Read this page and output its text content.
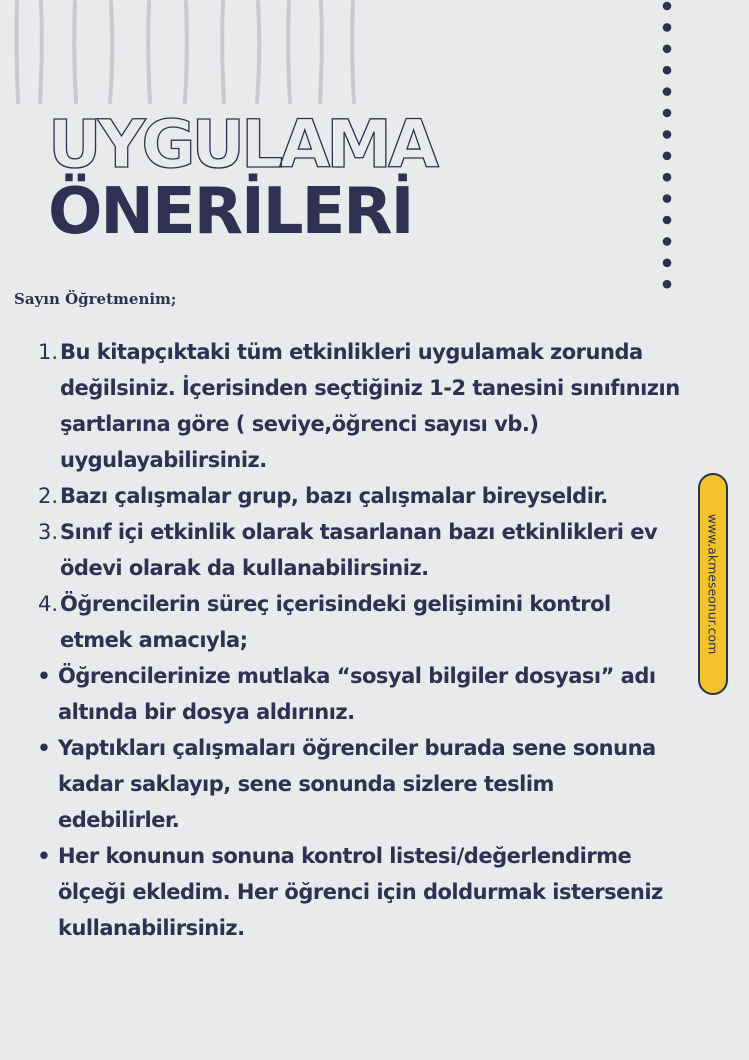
UYGULAMA
ÖNERİLERİ
Sayın Öğretmenim;
1. Bu kitapçıktaki tüm etkinlikleri uygulamak zorunda değilsiniz. İçerisinden seçtiğiniz 1-2 tanesini sınıfınızın şartlarına göre ( seviye,öğrenci sayısı vb.) uygulayabilirsiniz.
2. Bazı çalışmalar grup, bazı çalışmalar bireyseldir.
3. Sınıf içi etkinlik olarak tasarlanan bazı etkinlikleri ev ödevi olarak da kullanabilirsiniz.
4. Öğrencilerin süreç içerisindeki gelişimini kontrol etmek amacıyla;
• Öğrencilerinize mutlaka “sosyal bilgiler dosyası” adı altında bir dosya aldırınız.
• Yaptıkları çalışmaları öğrenciler burada sene sonuna kadar saklayıp, sene sonunda sizlere teslim edebilirler.
• Her konunun sonuna kontrol listesi/değerlendirme ölçeği ekledim. Her öğrenci için doldurmak isterseniz kullanabilirsiniz.
www.akmeseonur.com
